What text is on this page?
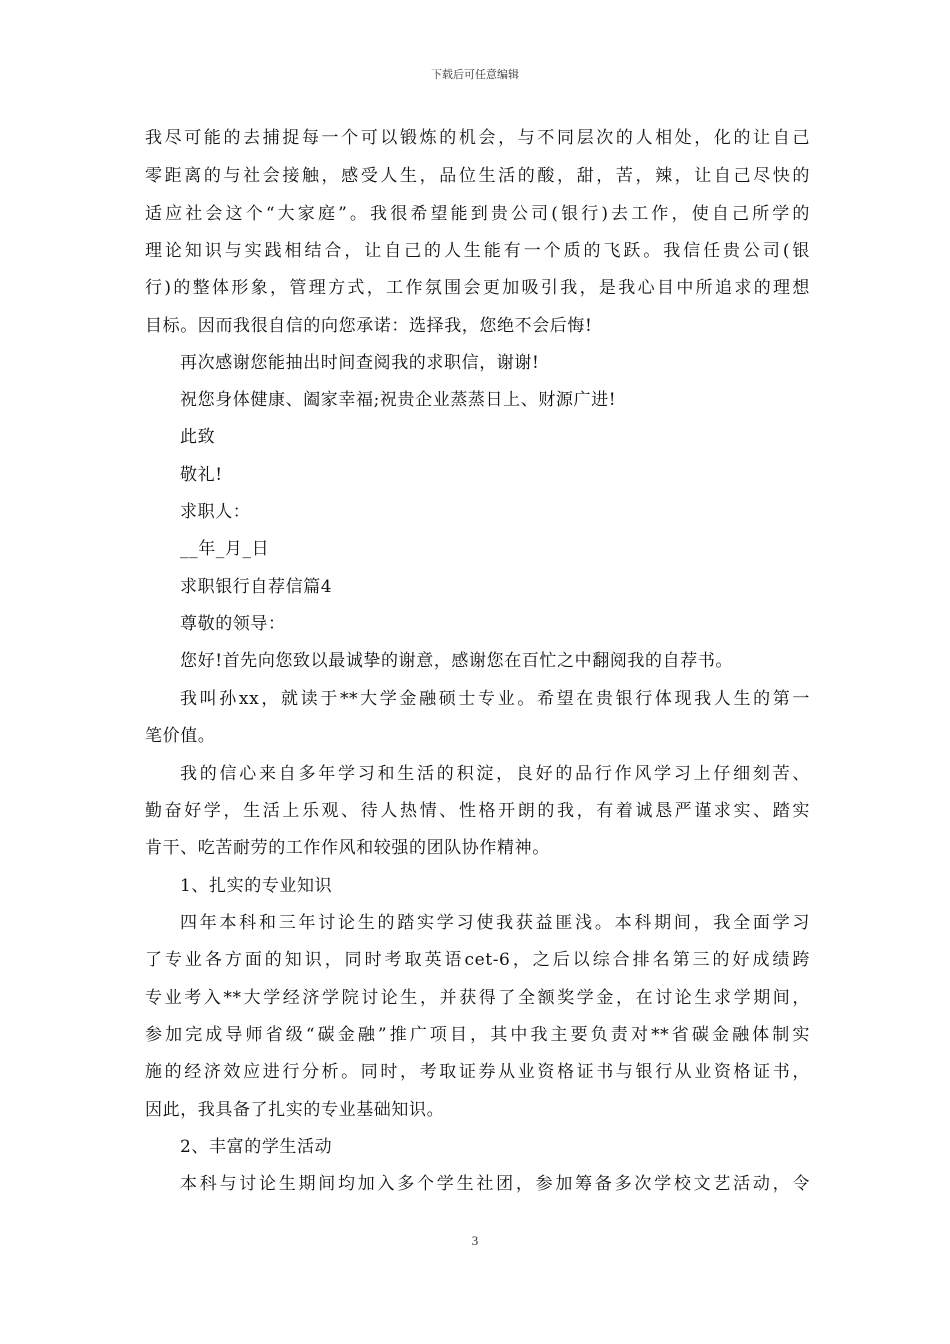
下载后可任意编辑
我尽可能的去捕捉每一个可以锻炼的机会，与不同层次的人相处，化的让自己
零距离的与社会接触，感受人生，品位生活的酸，甜，苦，辣，让自己尽快的
适应社会这个“大家庭”。我很希望能到贵公司(银行)去工作，使自己所学的
理论知识与实践相结合，让自己的人生能有一个质的飞跃。我信任贵公司(银
行)的整体形象，管理方式，工作氛围会更加吸引我，是我心目中所追求的理想
目标。因而我很自信的向您承诺：选择我，您绝不会后悔!
再次感谢您能抽出时间查阅我的求职信，谢谢!
祝您身体健康、阖家幸福;祝贵企业蒸蒸日上、财源广进!
此致
敬礼!
求职人：
__年_月_日
求职银行自荐信篇4
尊敬的领导：
您好!首先向您致以最诚挚的谢意，感谢您在百忙之中翻阅我的自荐书。
我叫孙xx，就读于**大学金融硕士专业。希望在贵银行体现我人生的第一
笔价值。
我的信心来自多年学习和生活的积淀，良好的品行作风学习上仔细刻苦、
勤奋好学，生活上乐观、待人热情、性格开朗的我，有着诚恳严谨求实、踏实
肯干、吃苦耐劳的工作作风和较强的团队协作精神。
1、扎实的专业知识
四年本科和三年讨论生的踏实学习使我获益匪浅。本科期间，我全面学习
了专业各方面的知识，同时考取英语cet-6，之后以综合排名第三的好成绩跨
专业考入**大学经济学院讨论生，并获得了全额奖学金，在讨论生求学期间，
参加完成导师省级“碳金融”推广项目，其中我主要负责对**省碳金融体制实
施的经济效应进行分析。同时，考取证券从业资格证书与银行从业资格证书，
因此，我具备了扎实的专业基础知识。
2、丰富的学生活动
本科与讨论生期间均加入多个学生社团，参加筹备多次学校文艺活动，令
3
